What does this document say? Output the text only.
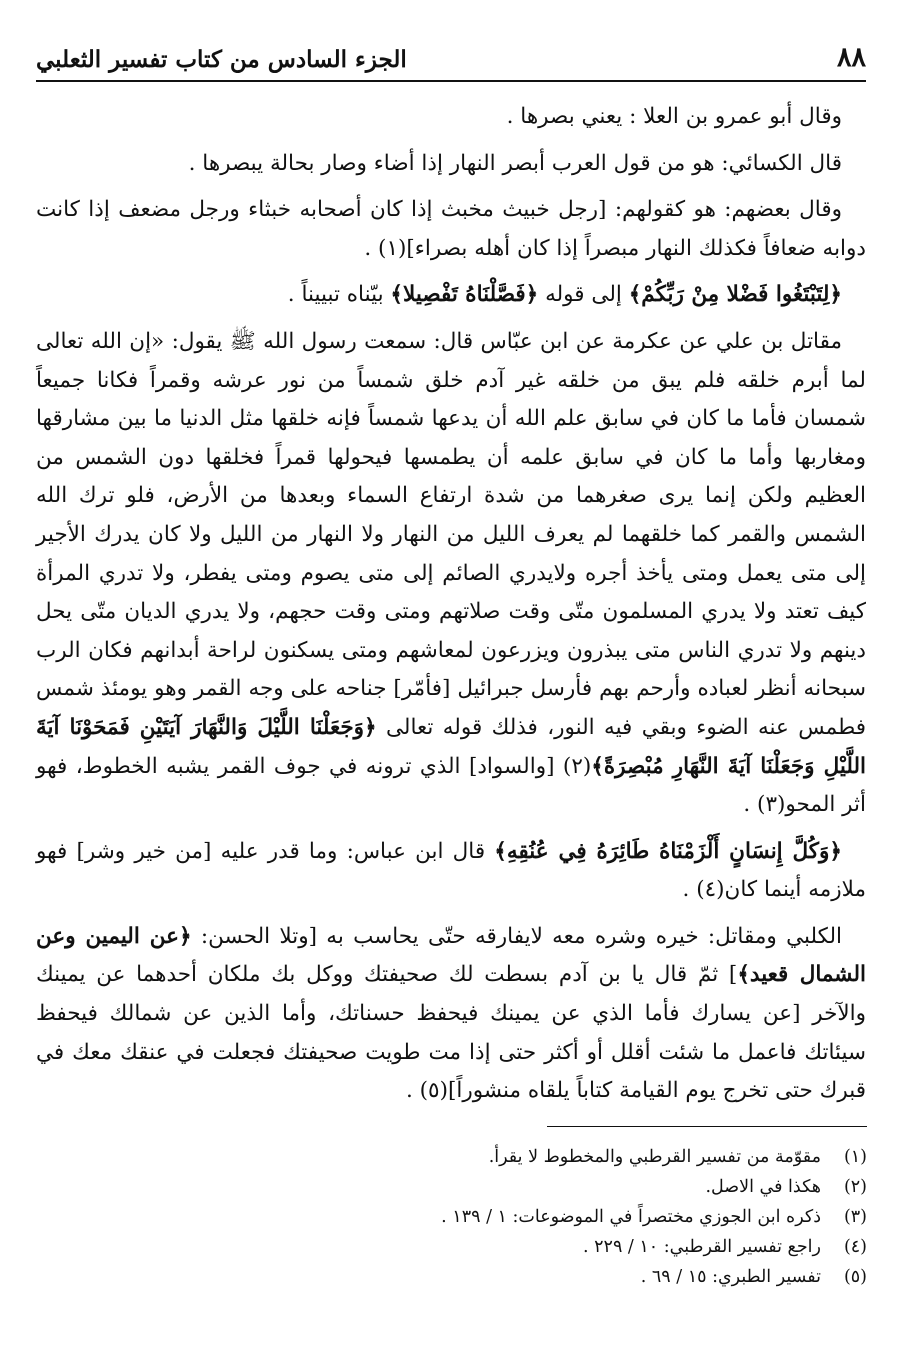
٨٨
الجزء السادس من كتاب تفسير الثعلبي

وقال أبو عمرو بن العلا : يعني بصرها .

قال الكسائي: هو من قول العرب أبصر النهار إذا أضاء وصار بحالة يبصرها .

وقال بعضهم: هو كقولهم: [رجل خبيث مخبث إذا كان أصحابه خبثاء ورجل مضعف إذا كانت دوابه ضعافاً فكذلك النهار مبصراً إذا كان أهله بصراء](١) .

﴿لِتَبْتَغُوا فَضْلا مِنْ رَبِّكُمْ﴾ إلى قوله ﴿فَصَّلْنَاهُ تَفْصِيلا﴾ بيّناه تبييناً .

مقاتل بن علي عن عكرمة عن ابن عبّاس قال: سمعت رسول الله ﷺ يقول: «إن الله تعالى لما أبرم خلقه فلم يبق من خلقه غير آدم خلق شمساً من نور عرشه وقمراً فكانا جميعاً شمسان فأما ما كان في سابق علم الله أن يدعها شمساً فإنه خلقها مثل الدنيا ما بين مشارقها ومغاربها وأما ما كان في سابق علمه أن يطمسها فيحولها قمراً فخلقها دون الشمس من العظيم ولكن إنما يرى صغرهما من شدة ارتفاع السماء وبعدها من الأرض، فلو ترك الله الشمس والقمر كما خلقهما لم يعرف الليل من النهار ولا النهار من الليل ولا كان يدرك الأجير إلى متى يعمل ومتى يأخذ أجره ولايدري الصائم إلى متى يصوم ومتى يفطر، ولا تدري المرأة كيف تعتد ولا يدري المسلمون متّى وقت صلاتهم ومتى وقت حجهم، ولا يدري الديان متّى يحل دينهم ولا تدري الناس متى يبذرون ويزرعون لمعاشهم ومتى يسكنون لراحة أبدانهم فكان الرب سبحانه أنظر لعباده وأرحم بهم فأرسل جبرائيل [فأمّر] جناحه على وجه القمر وهو يومئذ شمس فطمس عنه الضوء وبقي فيه النور، فذلك قوله تعالى ﴿وَجَعَلْنَا اللَّيْلَ وَالنَّهَارَ آيَتَيْنِ فَمَحَوْنَا آيَةَ اللَّيْلِ وَجَعَلْنَا آيَةَ النَّهَارِ مُبْصِرَةً﴾(٢) [والسواد] الذي ترونه في جوف القمر يشبه الخطوط، فهو أثر المحو(٣) .

﴿وَكُلَّ إِنسَانٍ أَلْزَمْنَاهُ طَائِرَهُ فِي عُنُقِهِ﴾ قال ابن عباس: وما قدر عليه [من خير وشر] فهو ملازمه أينما كان(٤) .

الكلبي ومقاتل: خيره وشره معه لايفارقه حتّى يحاسب به [وتلا الحسن: ﴿عن اليمين وعن الشمال قعيد﴾] ثمّ قال يا بن آدم بسطت لك صحيفتك ووكل بك ملكان أحدهما عن يمينك والآخر [عن يسارك فأما الذي عن يمينك فيحفظ حسناتك، وأما الذين عن شمالك فيحفظ سيئاتك فاعمل ما شئت أقلل أو أكثر حتى إذا مت طويت صحيفتك فجعلت في عنقك معك في قبرك حتى تخرج يوم القيامة كتاباً يلقاه منشوراً](٥) .

(١)
مقوّمة من تفسير القرطبي والمخطوط لا يقرأ.
(٢)
هكذا في الاصل.
(٣)
ذكره ابن الجوزي مختصراً في الموضوعات: ١ / ١٣٩ .
(٤)
راجع تفسير القرطبي: ١٠ / ٢٢٩ .
(٥)
تفسير الطبري: ١٥ / ٦٩ .
